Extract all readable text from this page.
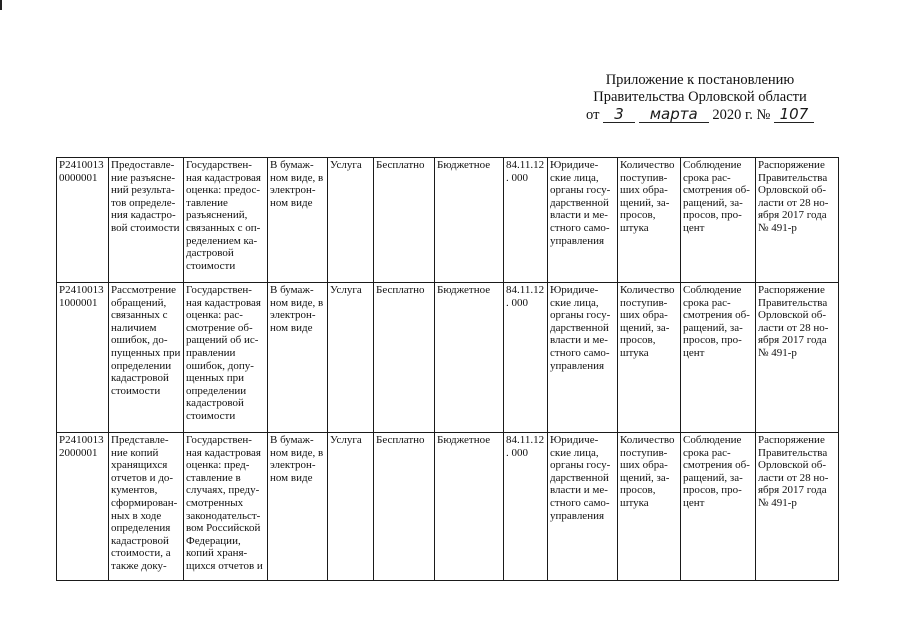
Приложение к постановлению
Правительства Орловской области
от 3 марта 2020 г. № 107
Р2410013 0000001	Предоставле- ние разъясне- ний результа- тов определе- ния кадастро- вой стоимости	Государствен- ная кадастровая оценка: предос- тавление разъяснений, связанных с оп- ределением ка- дастровой стоимости	В бумаж- ном виде, в электрон- ном виде	Услуга	Бесплатно	Бюджетное	84.11.12. 000	Юридиче- ские лица, органы госу- дарственной власти и ме- стного само- управления	Количество поступив- ших обра- щений, за- просов, штука	Соблюдение срока рас- смотрения об- ращений, за- просов, про- цент	Распоряжение Правительства Орловской об- ласти от 28 но- ября 2017 года № 491-р

Р2410013 1000001	Рассмотрение обращений, связанных с наличием ошибок, до- пущенных при определении кадастровой стоимости	Государствен- ная кадастровая оценка: рас- смотрение об- ращений об ис- правлении ошибок, допу- щенных при определении кадастровой стоимости	В бумаж- ном виде, в электрон- ном виде	Услуга	Бесплатно	Бюджетное	84.11.12. 000	Юридиче- ские лица, органы госу- дарственной власти и ме- стного само- управления	Количество поступив- ших обра- щений, за- просов, штука	Соблюдение срока рас- смотрения об- ращений, за- просов, про- цент	Распоряжение Правительства Орловской об- ласти от 28 но- ября 2017 года № 491-р

Р2410013 2000001	Представле- ние копий хранящихся отчетов и до- кументов, сформирован- ных в ходе определения кадастровой стоимости, а также доку-	Государствен- ная кадастровая оценка: пред- ставление в случаях, преду- смотренных законодательст- вом Российской Федерации, копий храня- щихся отчетов и	В бумаж- ном виде, в электрон- ном виде	Услуга	Бесплатно	Бюджетное	84.11.12. 000	Юридиче- ские лица, органы госу- дарственной власти и ме- стного само- управления	Количество поступив- ших обра- щений, за- просов, штука	Соблюдение срока рас- смотрения об- ращений, за- просов, про- цент	Распоряжение Правительства Орловской об- ласти от 28 но- ября 2017 года № 491-р
